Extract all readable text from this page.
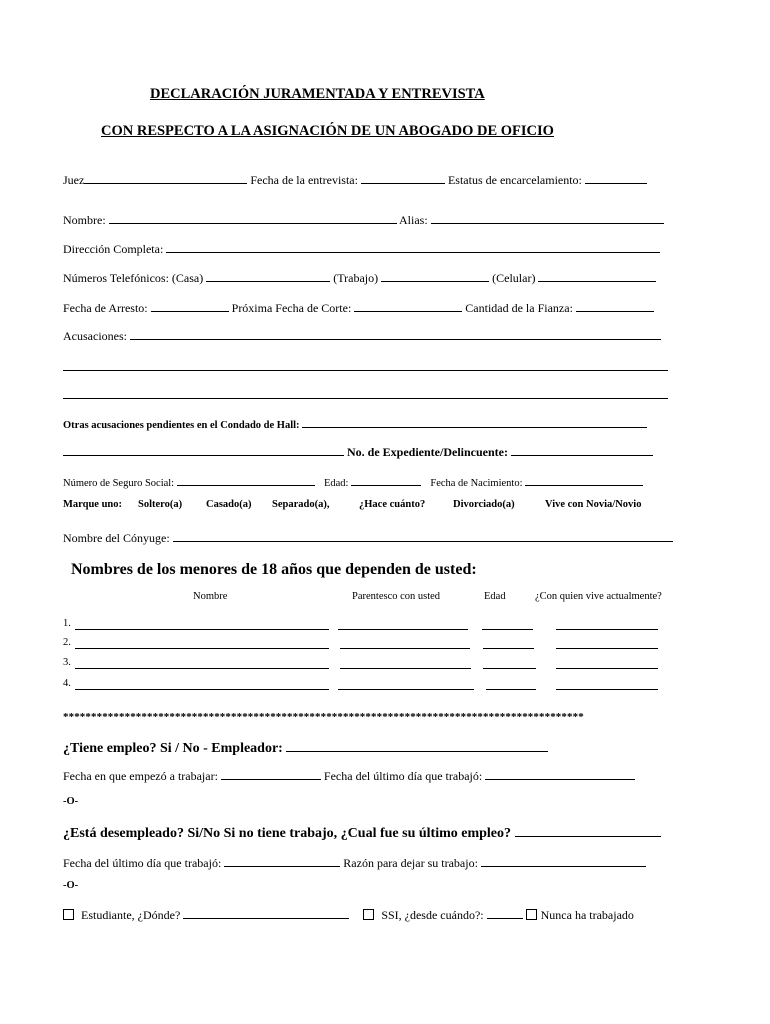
DECLARACIÓN JURAMENTADA Y ENTREVISTA
CON RESPECTO A LA ASIGNACIÓN DE UN ABOGADO DE OFICIO
Juez	Fecha de la entrevista:	Estatus de encarcelamiento:
Nombre:	Alias:
Dirección Completa:
Números Telefónicos: (Casa)	(Trabajo)	(Celular)
Fecha de Arresto:	Próxima Fecha de Corte:	Cantidad de la Fianza:
Acusaciones:
Otras acusaciones pendientes en el Condado de Hall:
No. de Expediente/Delincuente:
Número de Seguro Social:	Edad:	Fecha de Nacimiento:
Marque uno: Soltero(a) Casado(a) Separado(a),	¿Hace cuánto?	Divorciado(a)	Vive con Novia/Novio
Nombre del Cónyuge:
Nombres de los menores de 18 años que dependen de usted:
Nombre	Parentesco con usted	Edad	¿Con quien vive actualmente?
1.
2.
3.
4.
*********************************************************************************************
¿Tiene empleo? Si / No - Empleador:
Fecha en que empezó a trabajar:	Fecha del último día que trabajó:
-O-
¿Está desempleado? Si/No Si no tiene trabajo, ¿Cual fue su último empleo?
Fecha del último día que trabajó:	Razón para dejar su trabajo:
-O-
Estudiante, ¿Dónde?	SSI, ¿desde cuándo?:	Nunca ha trabajado
